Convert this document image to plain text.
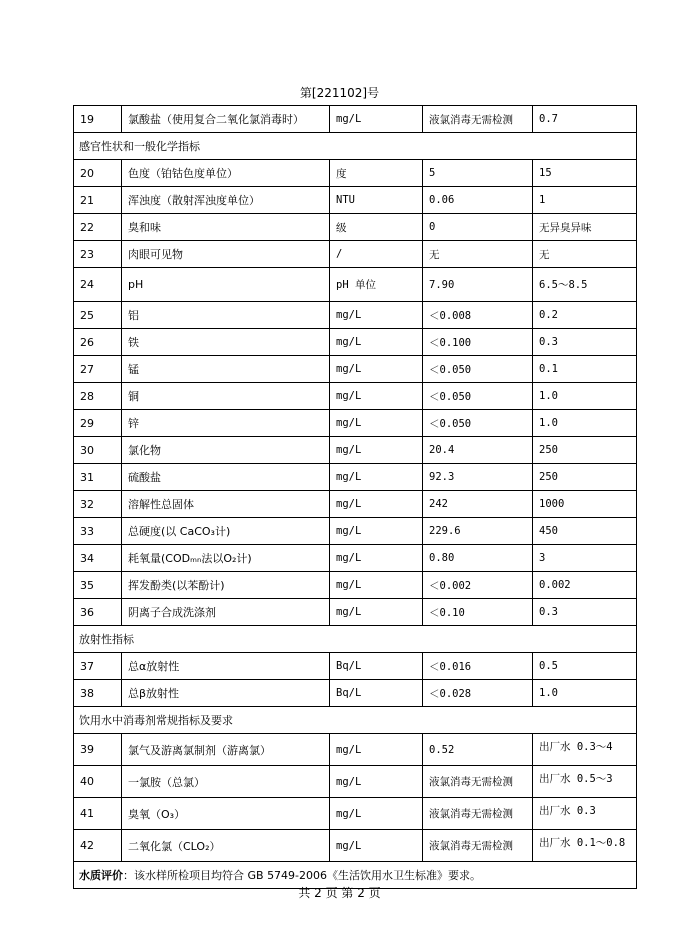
第[221102]号
19	氯酸盐（使用复合二氧化氯消毒时）	mg/L	液氯消毒无需检测	0.7
感官性状和一般化学指标				
20	色度（铂钴色度单位）	度	5	15
21	浑浊度（散射浑浊度单位）	NTU	0.06	1
22	臭和味	级	0	无异臭异味
23	肉眼可见物	/	无	无
24	pH	pH 单位	7.90	6.5～8.5
25	铝	mg/L	＜0.008	0.2
26	铁	mg/L	＜0.100	0.3
27	锰	mg/L	＜0.050	0.1
28	铜	mg/L	＜0.050	1.0
29	锌	mg/L	＜0.050	1.0
30	氯化物	mg/L	20.4	250
31	硫酸盐	mg/L	92.3	250
32	溶解性总固体	mg/L	242	1000
33	总硬度(以 CaCO₃计)	mg/L	229.6	450
34	耗氧量(CODₘₙ法以O₂计)	mg/L	0.80	3
35	挥发酚类(以苯酚计)	mg/L	＜0.002	0.002
36	阴离子合成洗涤剂	mg/L	＜0.10	0.3
放射性指标				
37	总α放射性	Bq/L	＜0.016	0.5
38	总β放射性	Bq/L	＜0.028	1.0
饮用水中消毒剂常规指标及要求				
39	氯气及游离氯制剂（游离氯）	mg/L	0.52	出厂水 0.3～4
40	一氯胺（总氯）	mg/L	液氯消毒无需检测	出厂水 0.5～3
41	臭氧（O₃）	mg/L	液氯消毒无需检测	出厂水 0.3
42	二氧化氯（CLO₂）	mg/L	液氯消毒无需检测	出厂水 0.1～0.8
水质评价：该水样所检项目均符合 GB 5749-2006《生活饮用水卫生标准》要求。				
共 2 页 第 2 页
